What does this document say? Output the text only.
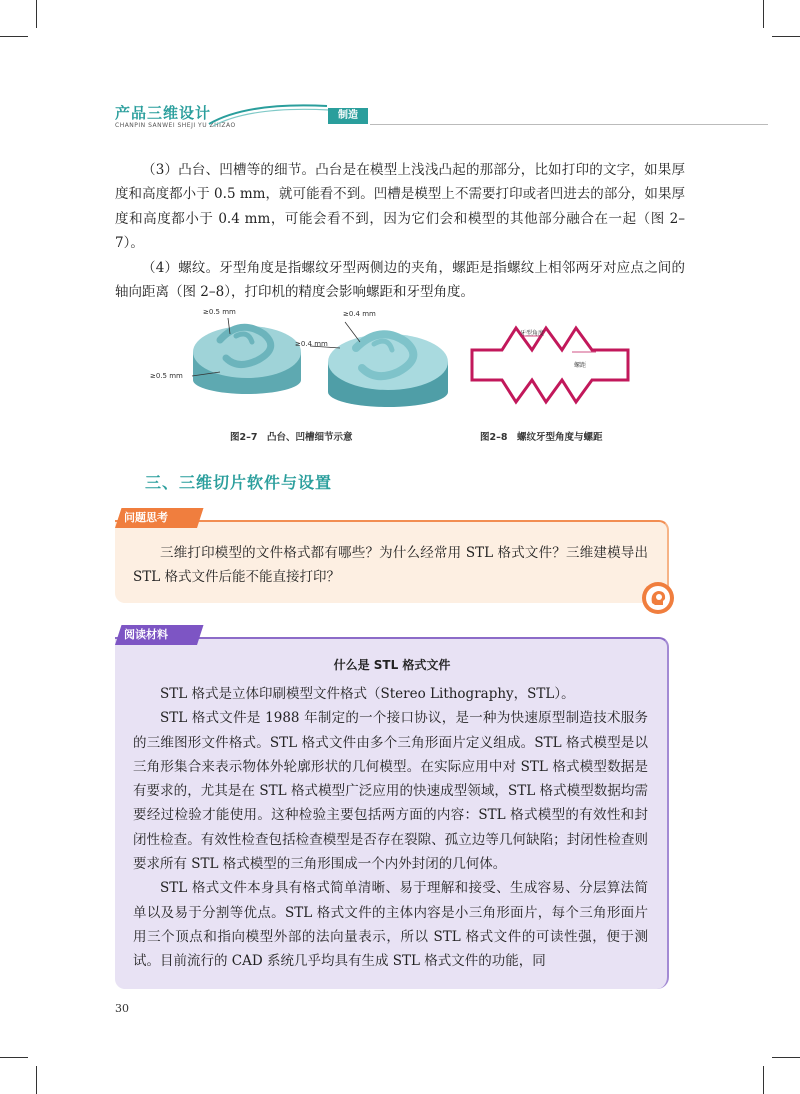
产品三维设计
CHANPIN SANWEI SHEJI YU ZHIZAO
制造

（3）凸台、凹槽等的细节。凸台是在模型上浅浅凸起的那部分，比如打印的文字，如果厚度和高度都小于 0.5 mm，就可能看不到。凹槽是模型上不需要打印或者凹进去的部分，如果厚度和高度都小于 0.4 mm，可能会看不到，因为它们会和模型的其他部分融合在一起（图 2–7）。

（4）螺纹。牙型角度是指螺纹牙型两侧边的夹角，螺距是指螺纹上相邻两牙对应点之间的轴向距离（图 2–8），打印机的精度会影响螺距和牙型角度。

≥0.5 mm
≥0.5 mm
≥0.4 mm
≥0.4 mm
牙型角度
螺距
图2–7　凸台、凹槽细节示意	图2–8　螺纹牙型角度与螺距
三、三维切片软件与设置
问题思考

三维打印模型的文件格式都有哪些？为什么经常用 STL 格式文件？三维建模导出 STL 格式文件后能不能直接打印？

阅读材料
什么是 STL 格式文件

STL 格式是立体印刷模型文件格式（Stereo Lithography，STL）。

STL 格式文件是 1988 年制定的一个接口协议，是一种为快速原型制造技术服务的三维图形文件格式。STL 格式文件由多个三角形面片定义组成。STL 格式模型是以三角形集合来表示物体外轮廓形状的几何模型。在实际应用中对 STL 格式模型数据是有要求的，尤其是在 STL 格式模型广泛应用的快速成型领域，STL 格式模型数据均需要经过检验才能使用。这种检验主要包括两方面的内容：STL 格式模型的有效性和封闭性检查。有效性检查包括检查模型是否存在裂隙、孤立边等几何缺陷；封闭性检查则要求所有 STL 格式模型的三角形围成一个内外封闭的几何体。

STL 格式文件本身具有格式简单清晰、易于理解和接受、生成容易、分层算法简单以及易于分割等优点。STL 格式文件的主体内容是小三角形面片，每个三角形面片用三个顶点和指向模型外部的法向量表示，所以 STL 格式文件的可读性强，便于测试。目前流行的 CAD 系统几乎均具有生成 STL 格式文件的功能，同

30
